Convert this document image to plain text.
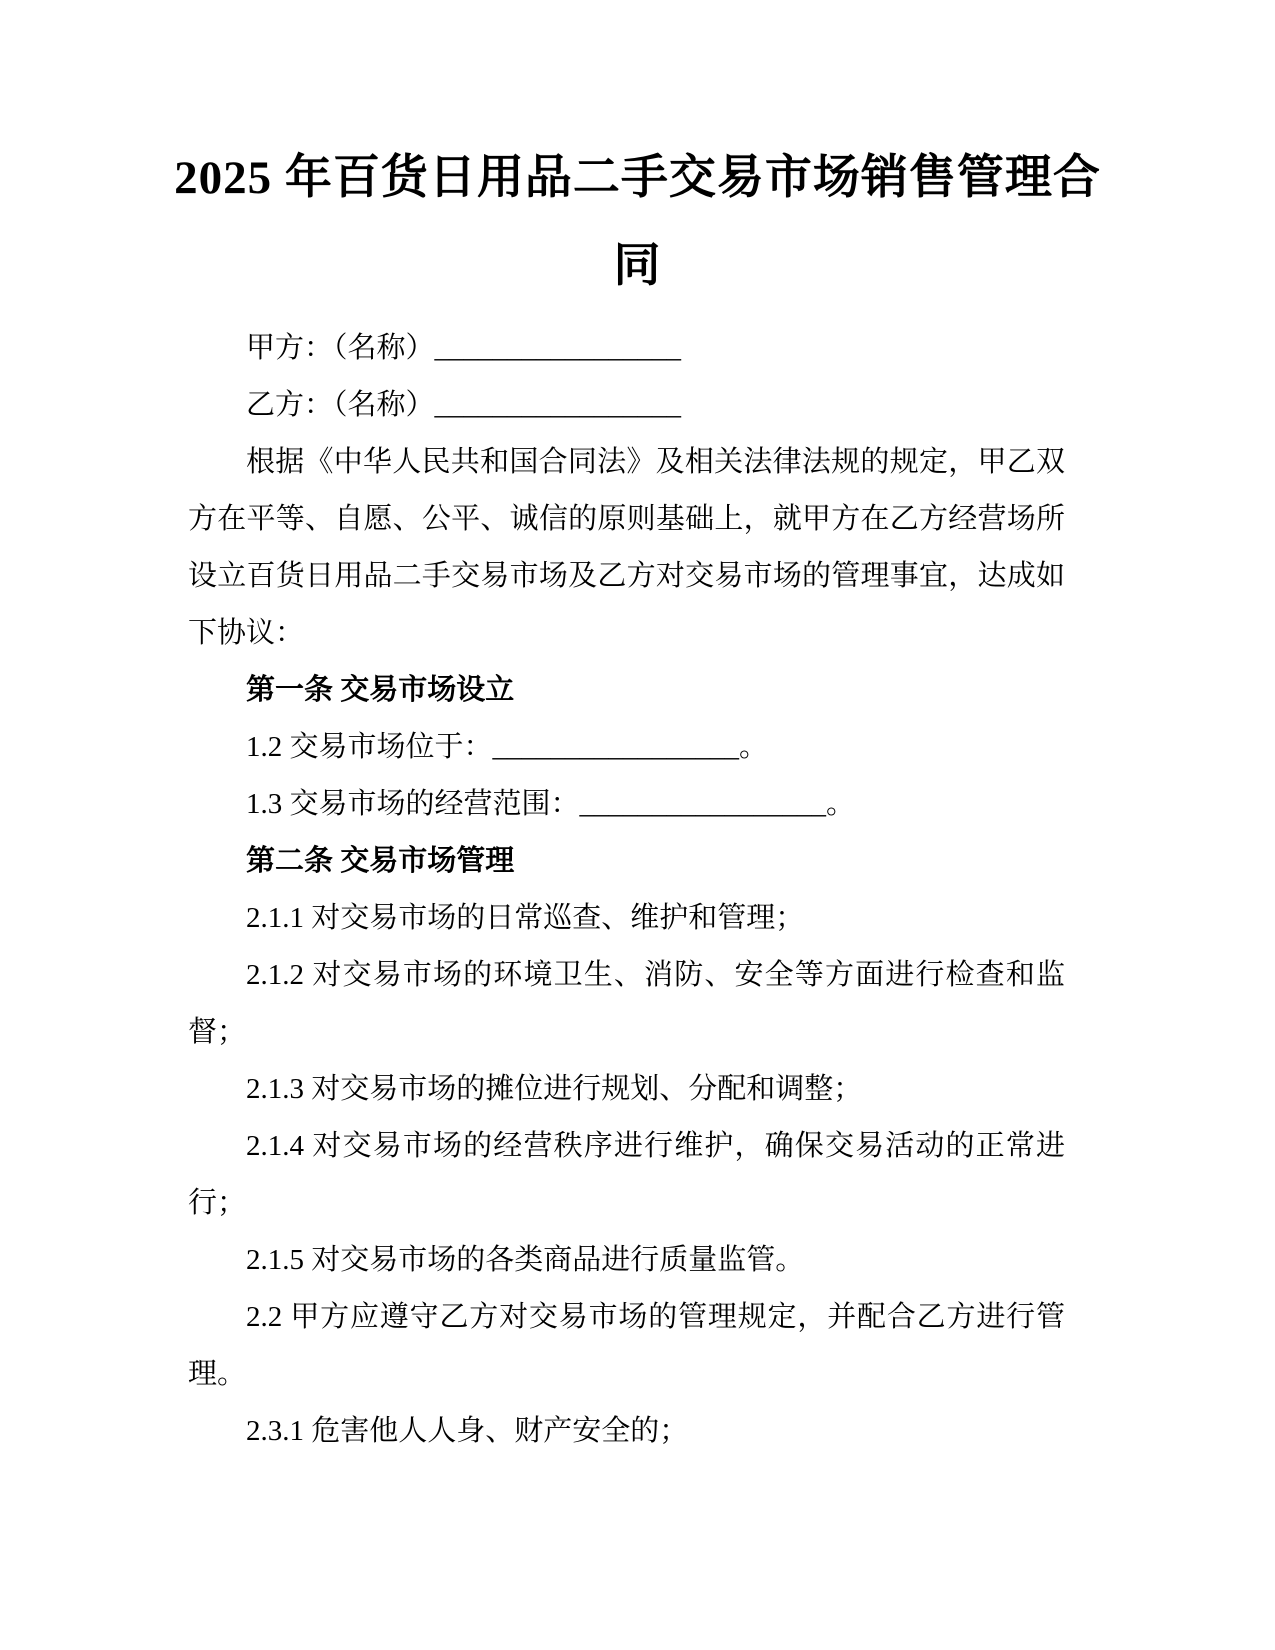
2025 年百货日用品二手交易市场销售管理合同

甲方：（名称）_________________

乙方：（名称）_________________

根据《中华人民共和国合同法》及相关法律法规的规定，甲乙双方在平等、自愿、公平、诚信的原则基础上，就甲方在乙方经营场所设立百货日用品二手交易市场及乙方对交易市场的管理事宜，达成如下协议：

第一条 交易市场设立

1.2 交易市场位于：_________________。

1.3 交易市场的经营范围：_________________。

第二条 交易市场管理

2.1.1 对交易市场的日常巡查、维护和管理；

2.1.2 对交易市场的环境卫生、消防、安全等方面进行检查和监督；

2.1.3 对交易市场的摊位进行规划、分配和调整；

2.1.4 对交易市场的经营秩序进行维护，确保交易活动的正常进行；

2.1.5 对交易市场的各类商品进行质量监管。

2.2 甲方应遵守乙方对交易市场的管理规定，并配合乙方进行管理。

2.3.1 危害他人人身、财产安全的；
